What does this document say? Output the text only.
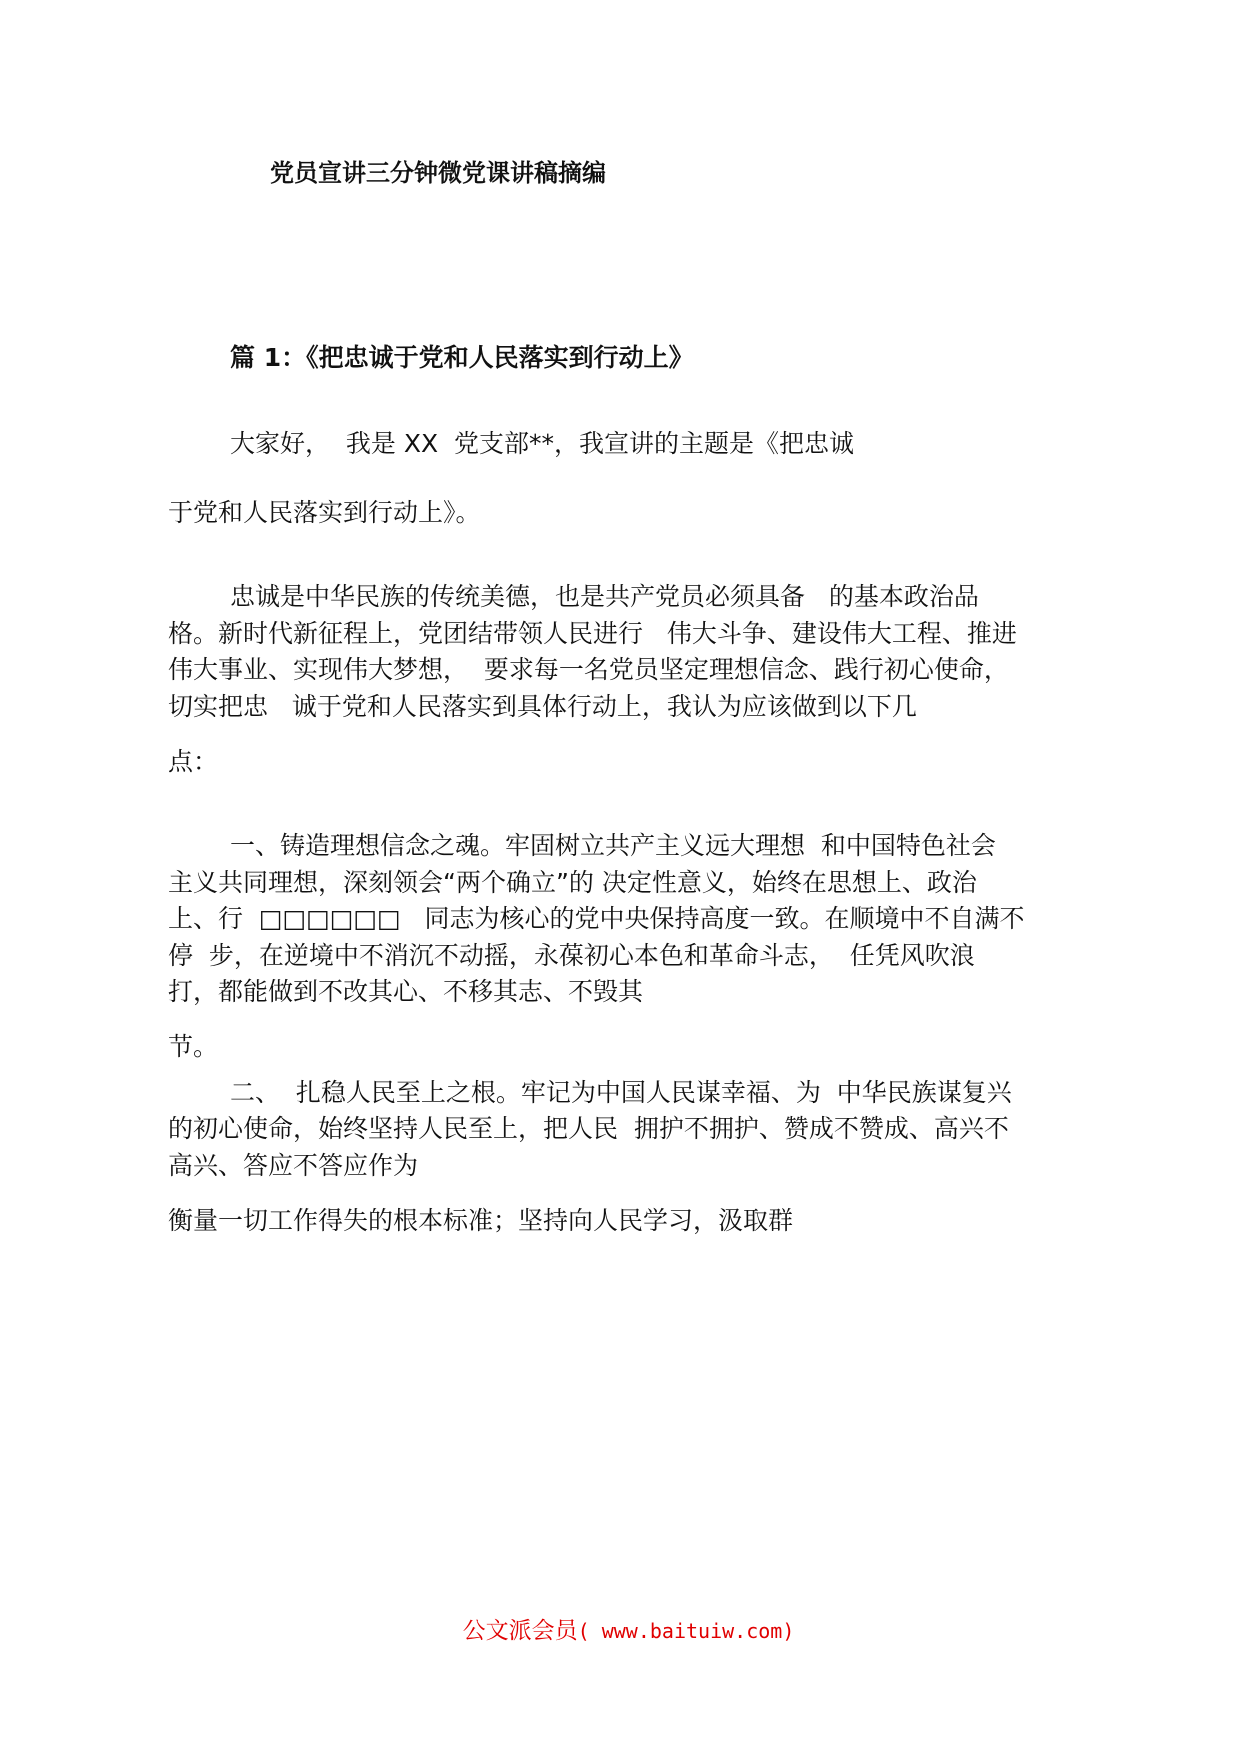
党员宣讲三分钟微党课讲稿摘编
篇 1：《把忠诚于党和人民落实到行动上》
大家好，  我是 XX  党支部**，我宣讲的主题是《把忠诚
于党和人民落实到行动上》。
忠诚是中华民族的传统美德，也是共产党员必须具备   的基本政治品
格。新时代新征程上，党团结带领人民进行   伟大斗争、建设伟大工程、推进
伟大事业、实现伟大梦想，  要求每一名党员坚定理想信念、践行初心使命，
切实把忠   诚于党和人民落实到具体行动上，我认为应该做到以下几
点：
一、铸造理想信念之魂。牢固树立共产主义远大理想  和中国特色社会
主义共同理想，深刻领会“两个确立”的 决定性意义，始终在思想上、政治
上、行  □□□□□□   同志为核心的党中央保持高度一致。在顺境中不自满不
停  步，在逆境中不消沉不动摇，永葆初心本色和革命斗志，  任凭风吹浪
打，都能做到不改其心、不移其志、不毁其
节。
二、  扎稳人民至上之根。牢记为中国人民谋幸福、为  中华民族谋复兴
的初心使命，始终坚持人民至上，把人民  拥护不拥护、赞成不赞成、高兴不
高兴、答应不答应作为
衡量一切工作得失的根本标准；坚持向人民学习，汲取群

公文派会员( www.baituiw.com)
